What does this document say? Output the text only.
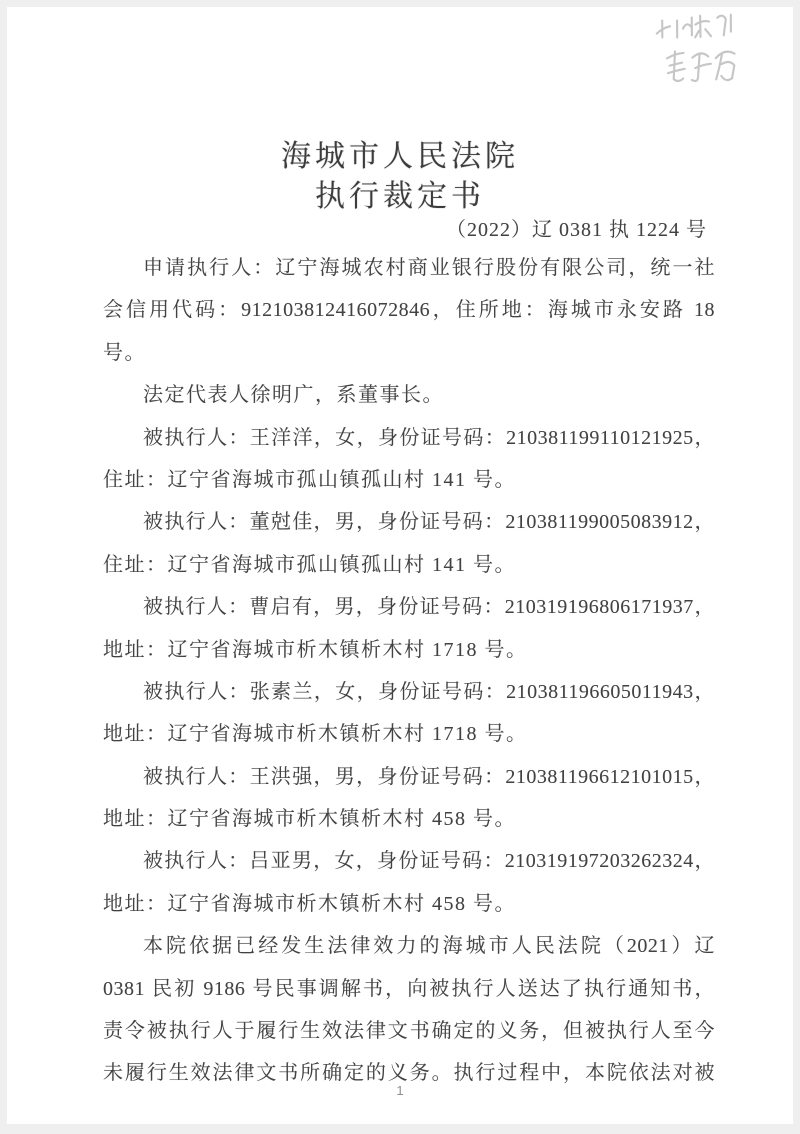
海城市人民法院
执行裁定书
（2022）辽 0381 执 1224 号
申请执行人：辽宁海城农村商业银行股份有限公司，统一社
会信用代码：912103812416072846，住所地：海城市永安路 18
号。
法定代表人徐明广，系董事长。
被执行人：王洋洋，女，身份证号码：210381199110121925，
住址：辽宁省海城市孤山镇孤山村 141 号。
被执行人：董尅佳，男，身份证号码：210381199005083912，
住址：辽宁省海城市孤山镇孤山村 141 号。
被执行人：曹启有，男，身份证号码：210319196806171937，
地址：辽宁省海城市析木镇析木村 1718 号。
被执行人：张素兰，女，身份证号码：210381196605011943，
地址：辽宁省海城市析木镇析木村 1718 号。
被执行人：王洪强，男，身份证号码：210381196612101015，
地址：辽宁省海城市析木镇析木村 458 号。
被执行人：吕亚男，女，身份证号码：210319197203262324，
地址：辽宁省海城市析木镇析木村 458 号。
本院依据已经发生法律效力的海城市人民法院（2021）辽
0381 民初 9186 号民事调解书，向被执行人送达了执行通知书，
责令被执行人于履行生效法律文书确定的义务，但被执行人至今
未履行生效法律文书所确定的义务。执行过程中，本院依法对被
1
